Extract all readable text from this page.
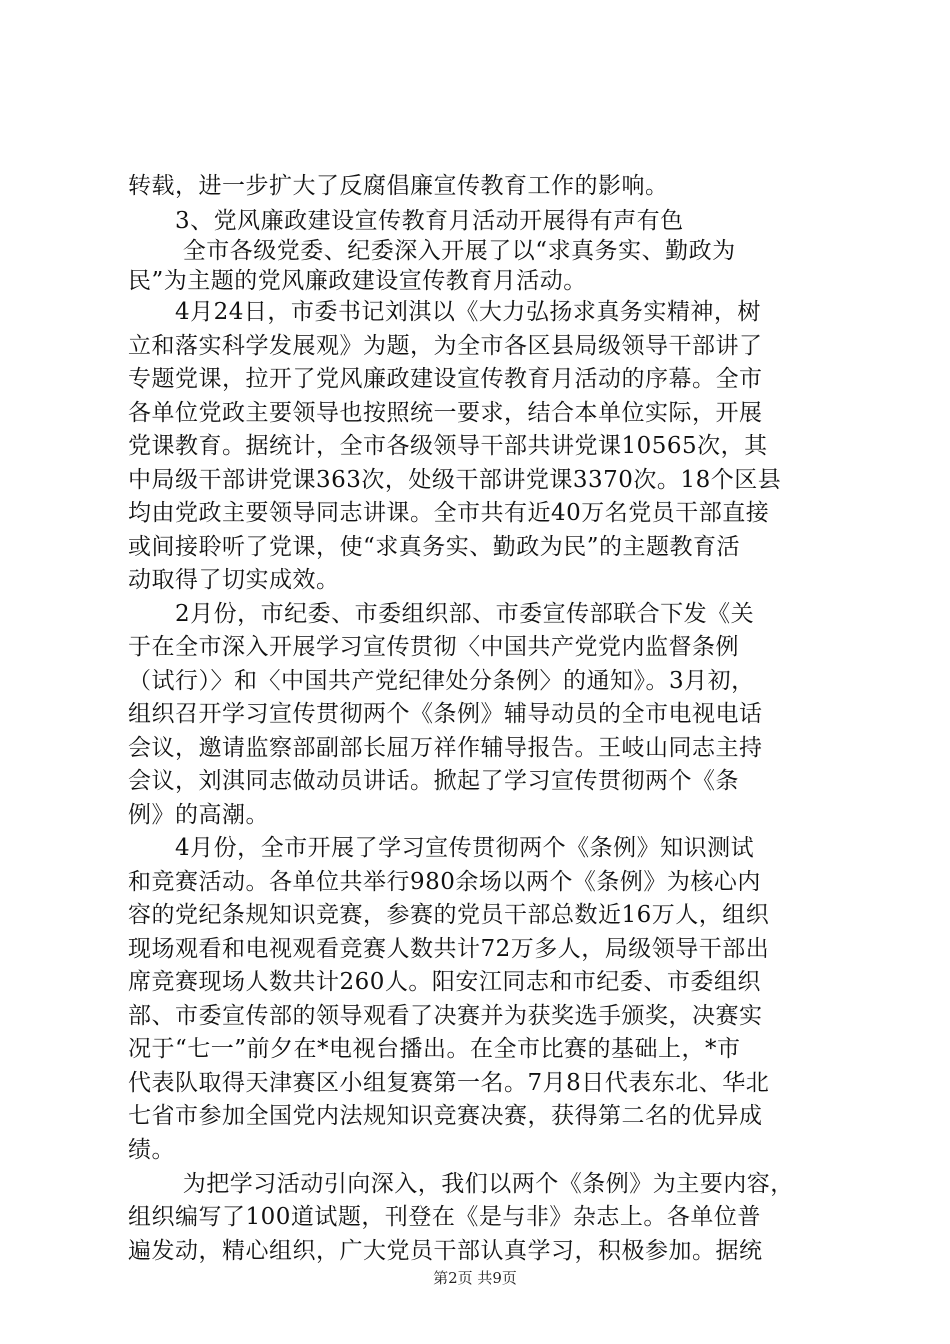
转载，进一步扩大了反腐倡廉宣传教育工作的影响。
　　3、党风廉政建设宣传教育月活动开展得有声有色
　　 全市各级党委、纪委深入开展了以“求真务实、勤政为
民”为主题的党风廉政建设宣传教育月活动。
　　4月24日，市委书记刘淇以《大力弘扬求真务实精神，树
立和落实科学发展观》为题，为全市各区县局级领导干部讲了
专题党课，拉开了党风廉政建设宣传教育月活动的序幕。全市
各单位党政主要领导也按照统一要求，结合本单位实际，开展
党课教育。据统计，全市各级领导干部共讲党课10565次，其
中局级干部讲党课363次，处级干部讲党课3370次。18个区县
均由党政主要领导同志讲课。全市共有近40万名党员干部直接
或间接聆听了党课，使“求真务实、勤政为民”的主题教育活
动取得了切实成效。
　　2月份，市纪委、市委组织部、市委宣传部联合下发《关
于在全市深入开展学习宣传贯彻〈中国共产党党内监督条例
（试行）〉和〈中国共产党纪律处分条例〉的通知》。3月初，
组织召开学习宣传贯彻两个《条例》辅导动员的全市电视电话
会议，邀请监察部副部长屈万祥作辅导报告。王岐山同志主持
会议，刘淇同志做动员讲话。掀起了学习宣传贯彻两个《条
例》的高潮。
　　4月份，全市开展了学习宣传贯彻两个《条例》知识测试
和竞赛活动。各单位共举行980余场以两个《条例》为核心内
容的党纪条规知识竞赛，参赛的党员干部总数近16万人，组织
现场观看和电视观看竞赛人数共计72万多人，局级领导干部出
席竞赛现场人数共计260人。阳安江同志和市纪委、市委组织
部、市委宣传部的领导观看了决赛并为获奖选手颁奖，决赛实
况于“七一”前夕在*电视台播出。在全市比赛的基础上，*市
代表队取得天津赛区小组复赛第一名。7月8日代表东北、华北
七省市参加全国党内法规知识竞赛决赛，获得第二名的优异成
绩。
　　 为把学习活动引向深入，我们以两个《条例》为主要内容，
组织编写了100道试题，刊登在《是与非》杂志上。各单位普
遍发动，精心组织，广大党员干部认真学习，积极参加。据统
第2页 共9页
